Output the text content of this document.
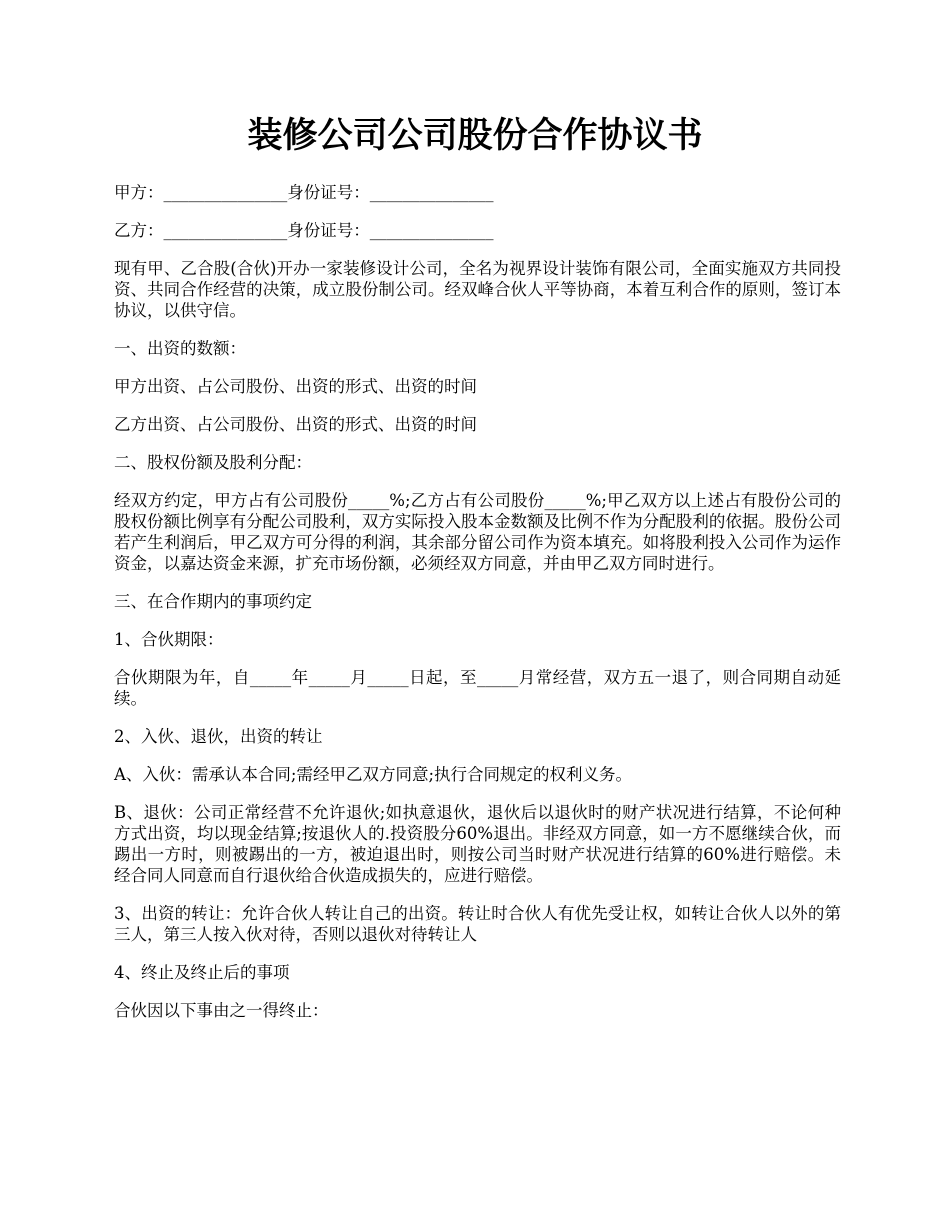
装修公司公司股份合作协议书

甲方：_______________身份证号：_______________

乙方：_______________身份证号：_______________

现有甲、乙合股(合伙)开办一家装修设计公司，全名为视界设计装饰有限公司，全面实施双方共同投资、共同合作经营的决策，成立股份制公司。经双峰合伙人平等协商，本着互利合作的原则，签订本协议，以供守信。

一、出资的数额：

甲方出资、占公司股份、出资的形式、出资的时间

乙方出资、占公司股份、出资的形式、出资的时间

二、股权份额及股利分配：

经双方约定，甲方占有公司股份_____%;乙方占有公司股份_____%;甲乙双方以上述占有股份公司的股权份额比例享有分配公司股利，双方实际投入股本金数额及比例不作为分配股利的依据。股份公司若产生利润后，甲乙双方可分得的利润，其余部分留公司作为资本填充。如将股利投入公司作为运作资金，以嘉达资金来源，扩充市场份额，必须经双方同意，并由甲乙双方同时进行。

三、在合作期内的事项约定

1、合伙期限：

合伙期限为年，自_____年_____月_____日起，至_____月常经营，双方五一退了，则合同期自动延续。

2、入伙、退伙，出资的转让

A、入伙：需承认本合同;需经甲乙双方同意;执行合同规定的权利义务。

B、退伙：公司正常经营不允许退伙;如执意退伙，退伙后以退伙时的财产状况进行结算，不论何种方式出资，均以现金结算;按退伙人的.投资股分60%退出。非经双方同意，如一方不愿继续合伙，而踢出一方时，则被踢出的一方，被迫退出时，则按公司当时财产状况进行结算的60%进行赔偿。未经合同人同意而自行退伙给合伙造成损失的，应进行赔偿。

3、出资的转让：允许合伙人转让自己的出资。转让时合伙人有优先受让权，如转让合伙人以外的第三人，第三人按入伙对待，否则以退伙对待转让人

4、终止及终止后的事项

合伙因以下事由之一得终止：
